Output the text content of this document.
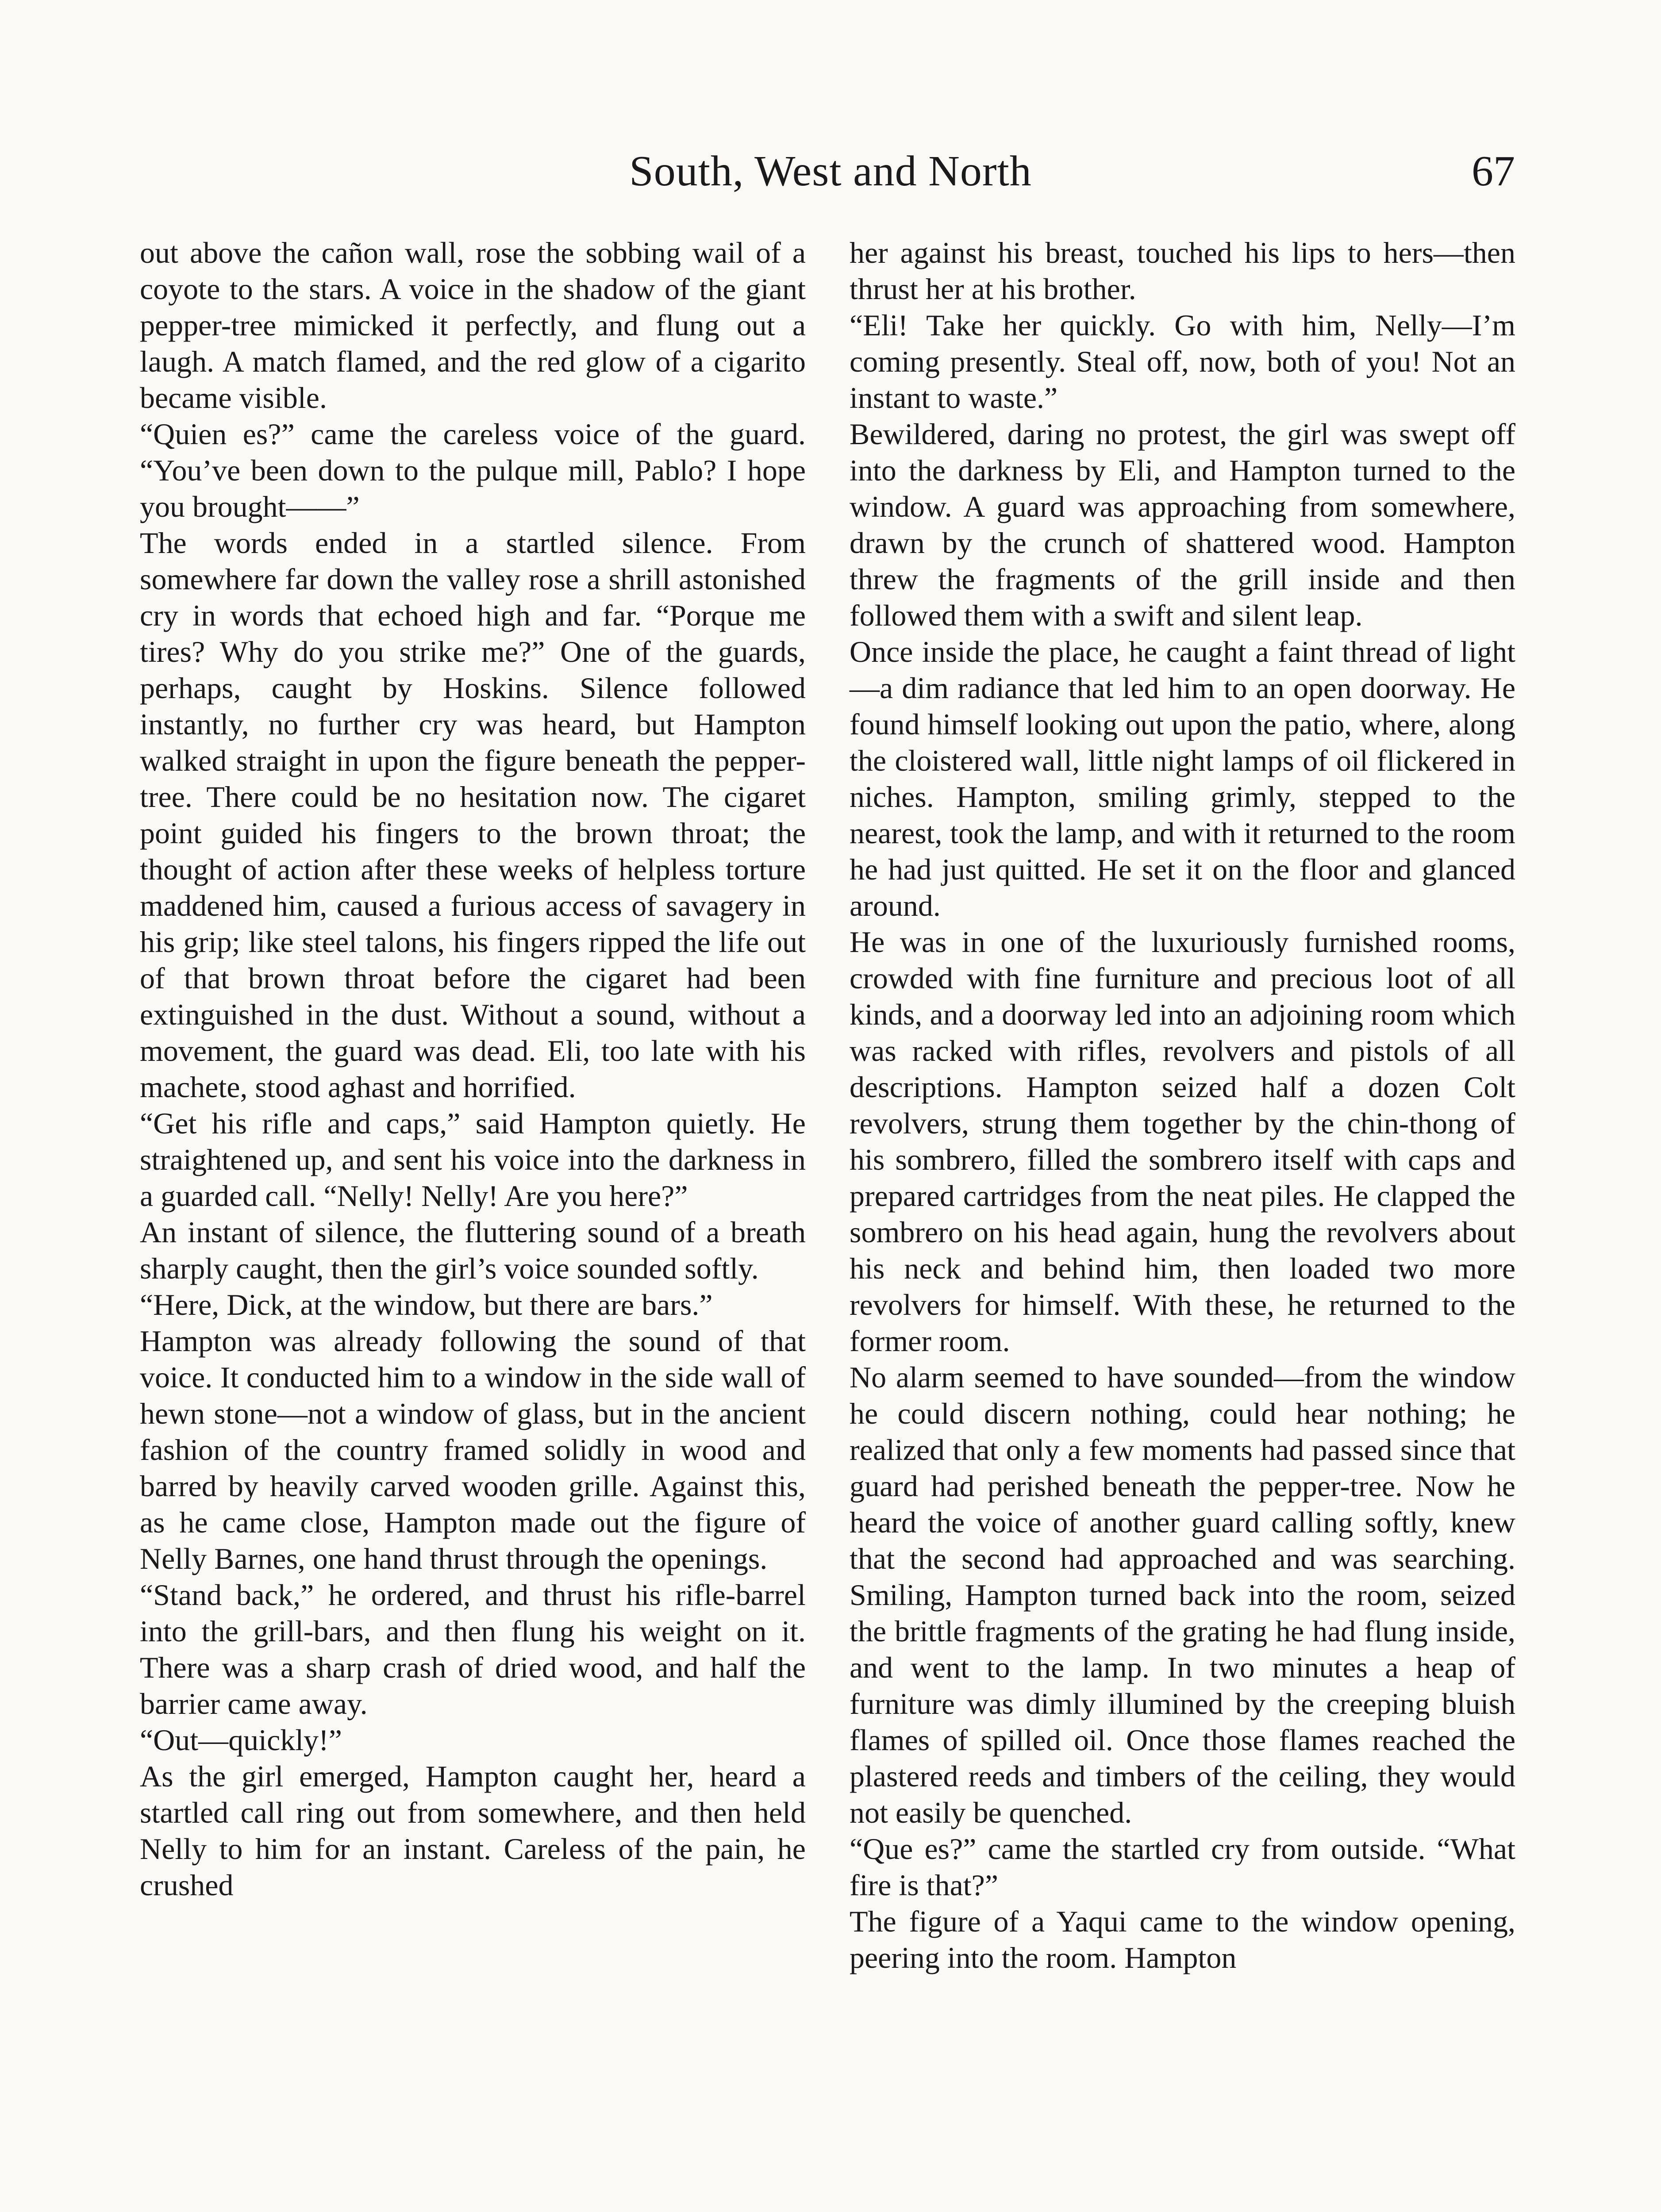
South, West and North	67

out above the cañon wall, rose the sobbing wail of a coyote to the stars. A voice in the shadow of the giant pepper-tree mimicked it perfectly, and flung out a laugh. A match flamed, and the red glow of a cigarito became visible.

“Quien es?” came the careless voice of the guard. “You’ve been down to the pulque mill, Pablo? I hope you brought——”

The words ended in a startled silence. From somewhere far down the valley rose a shrill astonished cry in words that echoed high and far. “Porque me tires? Why do you strike me?” One of the guards, perhaps, caught by Hoskins. Silence followed instantly, no further cry was heard, but Hampton walked straight in upon the figure beneath the pepper-tree. There could be no hesitation now. The cigaret point guided his fingers to the brown throat; the thought of action after these weeks of helpless torture maddened him, caused a furious access of savagery in his grip; like steel talons, his fingers ripped the life out of that brown throat before the cigaret had been extinguished in the dust. Without a sound, without a movement, the guard was dead. Eli, too late with his machete, stood aghast and horrified.

“Get his rifle and caps,” said Hampton quietly. He straightened up, and sent his voice into the darkness in a guarded call. “Nelly! Nelly! Are you here?”

An instant of silence, the fluttering sound of a breath sharply caught, then the girl’s voice sounded softly.

“Here, Dick, at the window, but there are bars.”

Hampton was already following the sound of that voice. It conducted him to a window in the side wall of hewn stone—not a window of glass, but in the ancient fashion of the country framed solidly in wood and barred by heavily carved wooden grille. Against this, as he came close, Hampton made out the figure of Nelly Barnes, one hand thrust through the openings.

“Stand back,” he ordered, and thrust his rifle-barrel into the grill-bars, and then flung his weight on it. There was a sharp crash of dried wood, and half the barrier came away.

“Out—quickly!”

As the girl emerged, Hampton caught her, heard a startled call ring out from somewhere, and then held Nelly to him for an instant. Careless of the pain, he crushed

her against his breast, touched his lips to hers—then thrust her at his brother.

“Eli! Take her quickly. Go with him, Nelly—I’m coming presently. Steal off, now, both of you! Not an instant to waste.”

Bewildered, daring no protest, the girl was swept off into the darkness by Eli, and Hampton turned to the window. A guard was approaching from somewhere, drawn by the crunch of shattered wood. Hampton threw the fragments of the grill inside and then followed them with a swift and silent leap.

Once inside the place, he caught a faint thread of light—a dim radiance that led him to an open doorway. He found himself looking out upon the patio, where, along the cloistered wall, little night lamps of oil flickered in niches. Hampton, smiling grimly, stepped to the nearest, took the lamp, and with it returned to the room he had just quitted. He set it on the floor and glanced around.

He was in one of the luxuriously furnished rooms, crowded with fine furniture and precious loot of all kinds, and a doorway led into an adjoining room which was racked with rifles, revolvers and pistols of all descriptions. Hampton seized half a dozen Colt revolvers, strung them together by the chin-thong of his sombrero, filled the sombrero itself with caps and prepared cartridges from the neat piles. He clapped the sombrero on his head again, hung the revolvers about his neck and behind him, then loaded two more revolvers for himself. With these, he returned to the former room.

No alarm seemed to have sounded—from the window he could discern nothing, could hear nothing; he realized that only a few moments had passed since that guard had perished beneath the pepper-tree. Now he heard the voice of another guard calling softly, knew that the second had approached and was searching. Smiling, Hampton turned back into the room, seized the brittle fragments of the grating he had flung inside, and went to the lamp. In two minutes a heap of furniture was dimly illumined by the creeping bluish flames of spilled oil. Once those flames reached the plastered reeds and timbers of the ceiling, they would not easily be quenched.

“Que es?” came the startled cry from outside. “What fire is that?”

The figure of a Yaqui came to the window opening, peering into the room. Hampton
